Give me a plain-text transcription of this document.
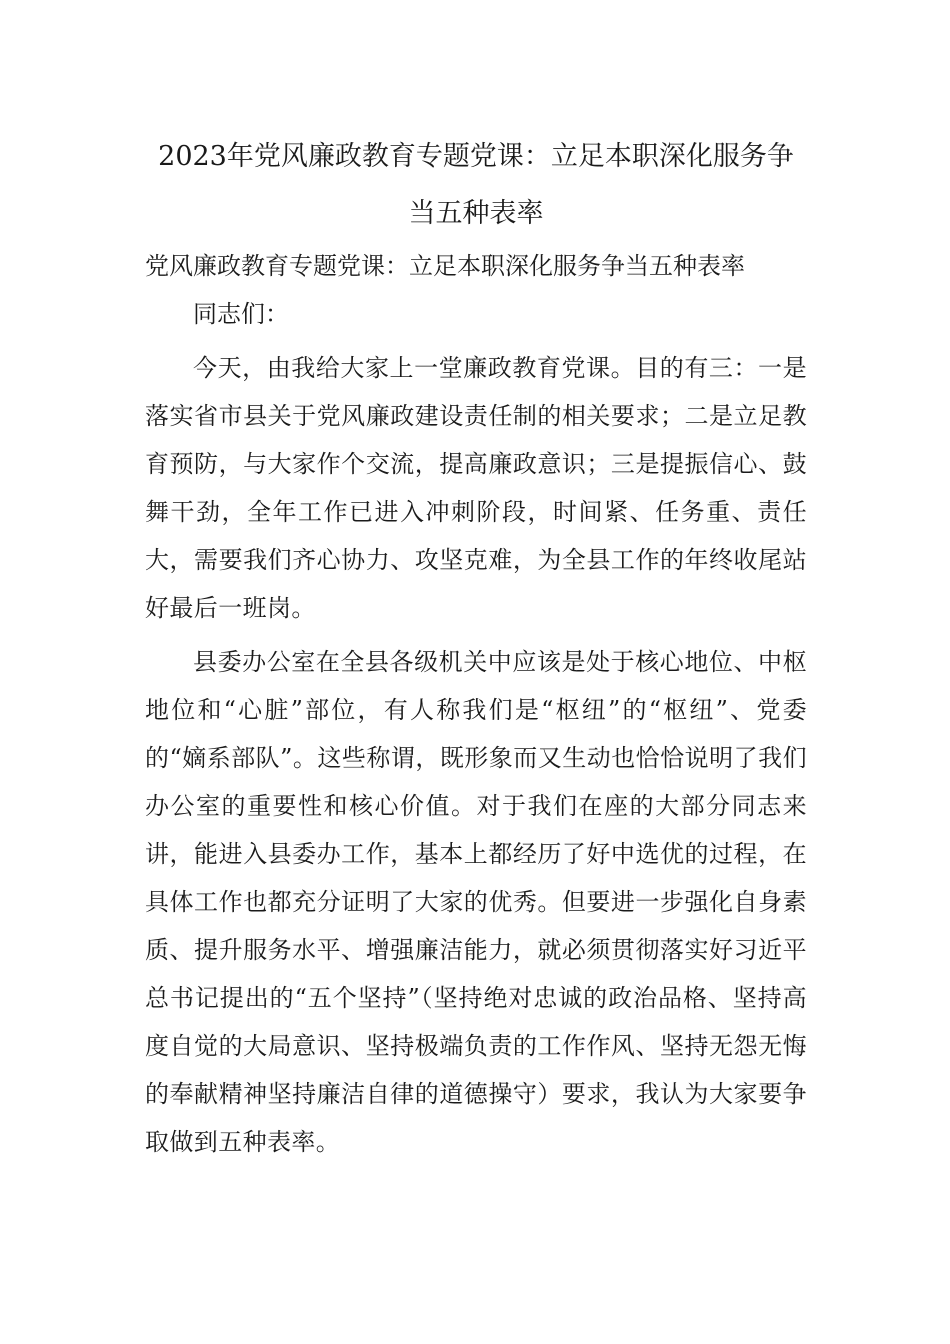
2023年党风廉政教育专题党课：立足本职深化服务争当五种表率

党风廉政教育专题党课：立足本职深化服务争当五种表率

同志们：

今天，由我给大家上一堂廉政教育党课。目的有三：一是落实省市县关于党风廉政建设责任制的相关要求；二是立足教育预防，与大家作个交流，提高廉政意识；三是提振信心、鼓舞干劲，全年工作已进入冲刺阶段，时间紧、任务重、责任大，需要我们齐心协力、攻坚克难，为全县工作的年终收尾站好最后一班岗。

县委办公室在全县各级机关中应该是处于核心地位、中枢地位和“心脏”部位，有人称我们是“枢纽”的“枢纽”、党委的“嫡系部队”。这些称谓，既形象而又生动也恰恰说明了我们办公室的重要性和核心价值。对于我们在座的大部分同志来讲，能进入县委办工作，基本上都经历了好中选优的过程，在具体工作也都充分证明了大家的优秀。但要进一步强化自身素质、提升服务水平、增强廉洁能力，就必须贯彻落实好习近平总书记提出的“五个坚持”（坚持绝对忠诚的政治品格、坚持高度自觉的大局意识、坚持极端负责的工作作风、坚持无怨无悔的奉献精神坚持廉洁自律的道德操守）要求，我认为大家要争取做到五种表率。
